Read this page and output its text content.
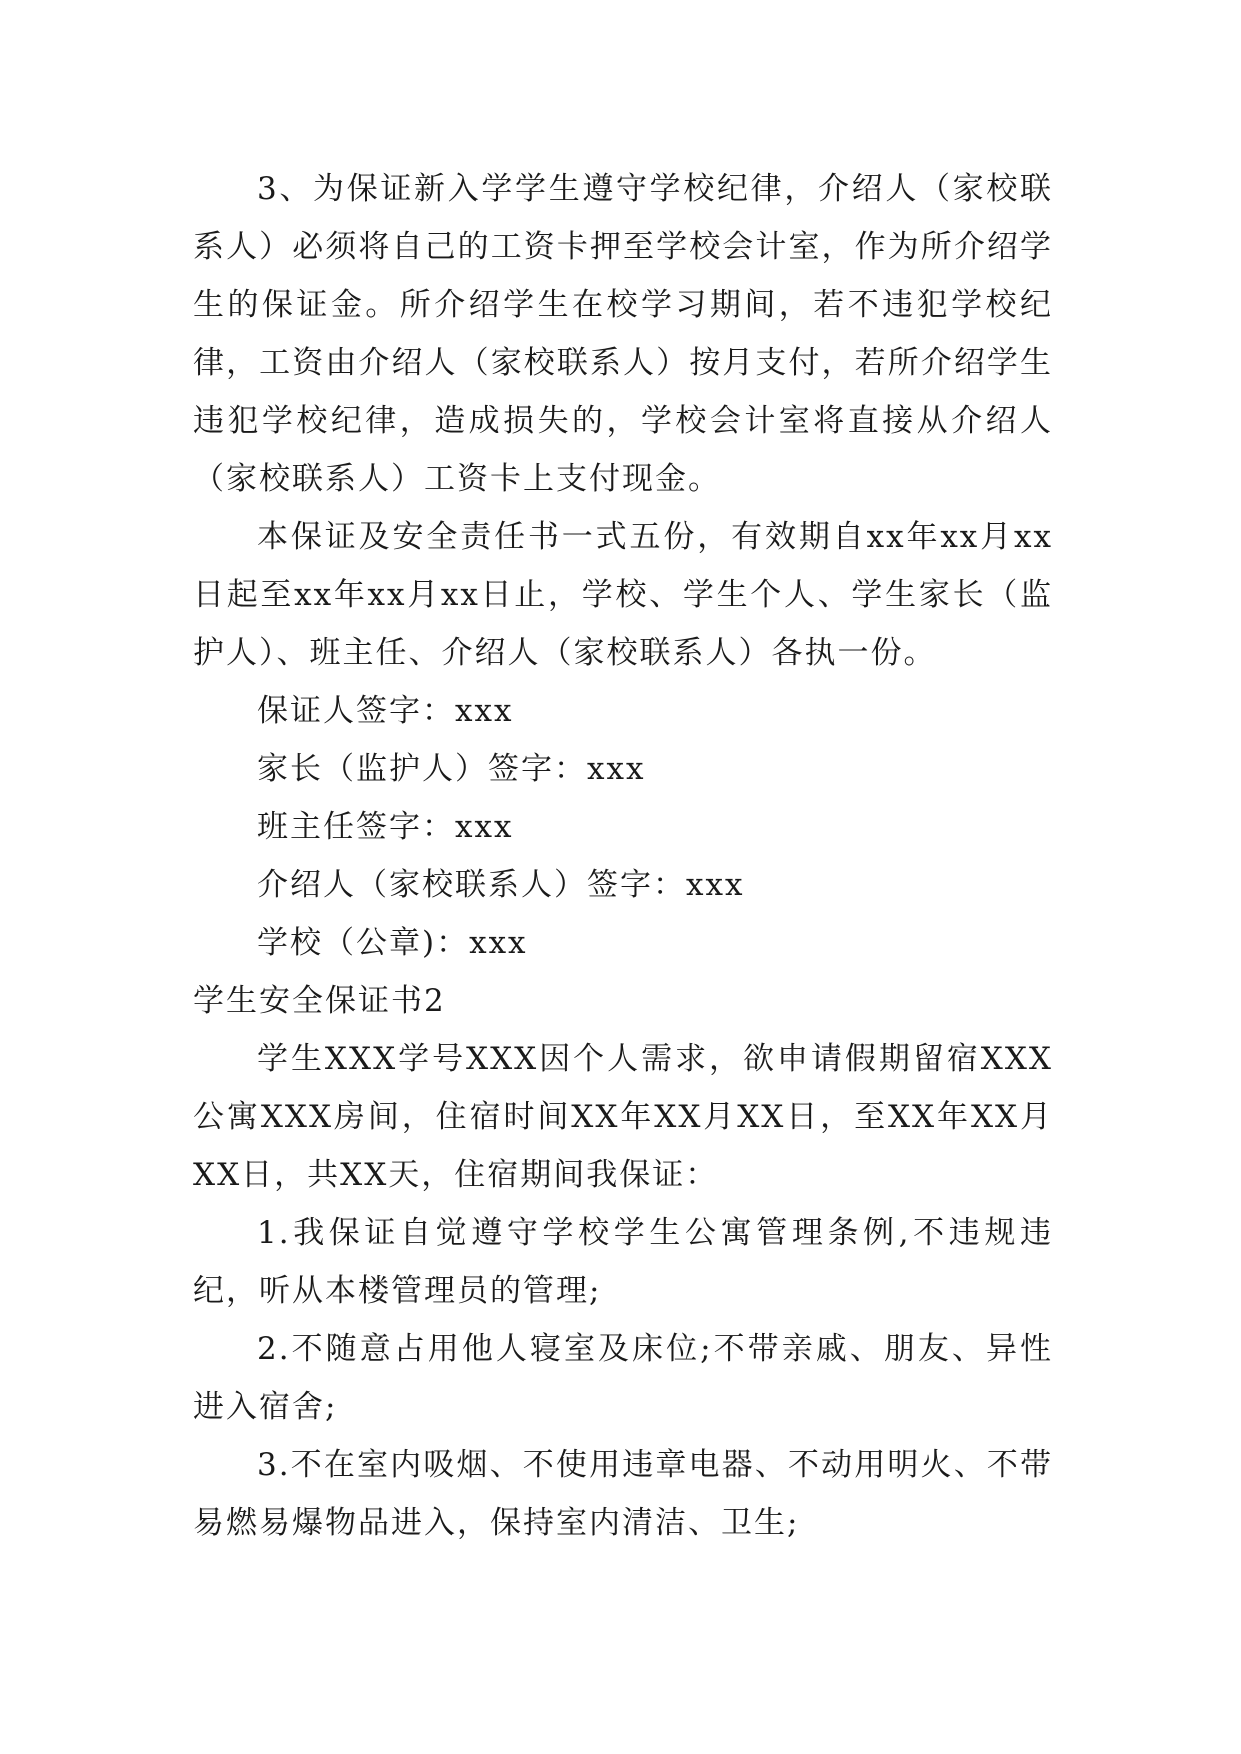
3、为保证新入学学生遵守学校纪律，介绍人（家校联系人）必须将自己的工资卡押至学校会计室，作为所介绍学生的保证金。所介绍学生在校学习期间，若不违犯学校纪律，工资由介绍人（家校联系人）按月支付，若所介绍学生违犯学校纪律，造成损失的，学校会计室将直接从介绍人（家校联系人）工资卡上支付现金。

本保证及安全责任书一式五份，有效期自xx年xx月xx日起至xx年xx月xx日止，学校、学生个人、学生家长（监护人）、班主任、介绍人（家校联系人）各执一份。

保证人签字：xxx

家长（监护人）签字：xxx

班主任签字：xxx

介绍人（家校联系人）签字：xxx

学校（公章)：xxx

学生安全保证书2

学生XXX学号XXX因个人需求，欲申请假期留宿XXX公寓XXX房间，住宿时间XX年XX月XX日，至XX年XX月XX日，共XX天，住宿期间我保证：

1.我保证自觉遵守学校学生公寓管理条例,不违规违纪，听从本楼管理员的管理;

2.不随意占用他人寝室及床位;不带亲戚、朋友、异性进入宿舍;

3.不在室内吸烟、不使用违章电器、不动用明火、不带易燃易爆物品进入，保持室内清洁、卫生;
